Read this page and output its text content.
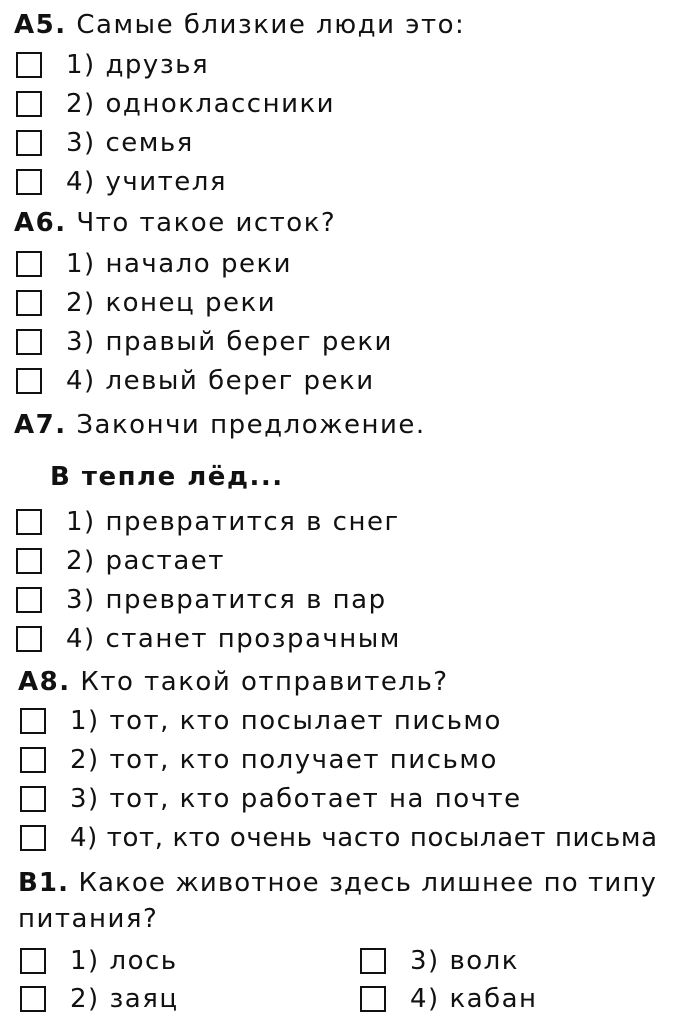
А5. Самые близкие люди это:
1) друзья
2) одноклассники
3) семья
4) учителя
А6. Что такое исток?
1) начало реки
2) конец реки
3) правый берег реки
4) левый берег реки
А7. Закончи предложение.
В тепле лёд...
1) превратится в снег
2) растает
3) превратится в пар
4) станет прозрачным
А8. Кто такой отправитель?
1) тот, кто посылает письмо
2) тот, кто получает письмо
3) тот, кто работает на почте
4) тот, кто очень часто посылает письма
В1. Какое животное здесь лишнее по типу
питания?
1) лось
2) заяц
3) волк
4) кабан
